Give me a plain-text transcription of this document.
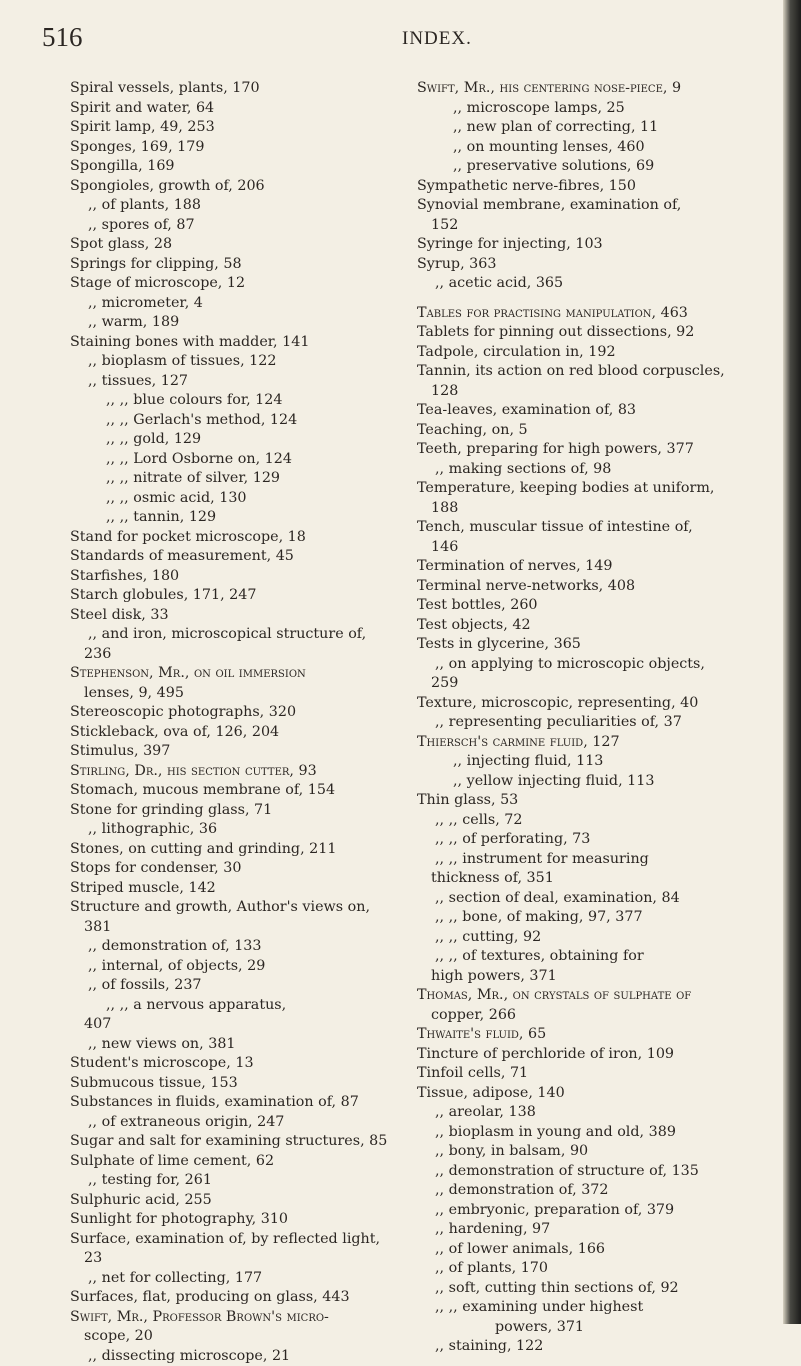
516	INDEX.
Spiral vessels, plants, 170
Spirit and water, 64
Spirit lamp, 49, 253
Sponges, 169, 179
Spongilla, 169
Spongioles, growth of, 206
,, of plants, 188
,, spores of, 87
Spot glass, 28
Springs for clipping, 58
Stage of microscope, 12
,, micrometer, 4
,, warm, 189
Staining bones with madder, 141
,, bioplasm of tissues, 122
,, tissues, 127
,, ,, blue colours for, 124
,, ,, Gerlach's method, 124
,, ,, gold, 129
,, ,, Lord Osborne on, 124
,, ,, nitrate of silver, 129
,, ,, osmic acid, 130
,, ,, tannin, 129
Stand for pocket microscope, 18
Standards of measurement, 45
Starfishes, 180
Starch globules, 171, 247
Steel disk, 33
,, and iron, microscopical structure of,
236
Stephenson, Mr., on oil immersion
lenses, 9, 495
Stereoscopic photographs, 320
Stickleback, ova of, 126, 204
Stimulus, 397
Stirling, Dr., his section cutter, 93
Stomach, mucous membrane of, 154
Stone for grinding glass, 71
,, lithographic, 36
Stones, on cutting and grinding, 211
Stops for condenser, 30
Striped muscle, 142
Structure and growth, Author's views on,
381
,, demonstration of, 133
,, internal, of objects, 29
,, of fossils, 237
,, ,, a nervous apparatus,
407
,, new views on, 381
Student's microscope, 13
Submucous tissue, 153
Substances in fluids, examination of, 87
,, of extraneous origin, 247
Sugar and salt for examining structures, 85
Sulphate of lime cement, 62
,, testing for, 261
Sulphuric acid, 255
Sunlight for photography, 310
Surface, examination of, by reflected light,
23
,, net for collecting, 177
Surfaces, flat, producing on glass, 443
Swift, Mr., Professor Brown's micro-
scope, 20
,, dissecting microscope, 21
Swift, Mr., his centering nose-piece, 9
,, microscope lamps, 25
,, new plan of correcting, 11
,, on mounting lenses, 460
,, preservative solutions, 69
Sympathetic nerve-fibres, 150
Synovial membrane, examination of,
152
Syringe for injecting, 103
Syrup, 363
,, acetic acid, 365
Tables for practising manipulation, 463
Tablets for pinning out dissections, 92
Tadpole, circulation in, 192
Tannin, its action on red blood corpuscles,
128
Tea-leaves, examination of, 83
Teaching, on, 5
Teeth, preparing for high powers, 377
,, making sections of, 98
Temperature, keeping bodies at uniform,
188
Tench, muscular tissue of intestine of,
146
Termination of nerves, 149
Terminal nerve-networks, 408
Test bottles, 260
Test objects, 42
Tests in glycerine, 365
,, on applying to microscopic objects,
259
Texture, microscopic, representing, 40
,, representing peculiarities of, 37
Thiersch's carmine fluid, 127
,, injecting fluid, 113
,, yellow injecting fluid, 113
Thin glass, 53
,, ,, cells, 72
,, ,, of perforating, 73
,, ,, instrument for measuring
thickness of, 351
,, section of deal, examination, 84
,, ,, bone, of making, 97, 377
,, ,, cutting, 92
,, ,, of textures, obtaining for
high powers, 371
Thomas, Mr., on crystals of sulphate of
copper, 266
Thwaite's fluid, 65
Tincture of perchloride of iron, 109
Tinfoil cells, 71
Tissue, adipose, 140
,, areolar, 138
,, bioplasm in young and old, 389
,, bony, in balsam, 90
,, demonstration of structure of, 135
,, demonstration of, 372
,, embryonic, preparation of, 379
,, hardening, 97
,, of lower animals, 166
,, of plants, 170
,, soft, cutting thin sections of, 92
,, ,, examining under highest
powers, 371
,, staining, 122
